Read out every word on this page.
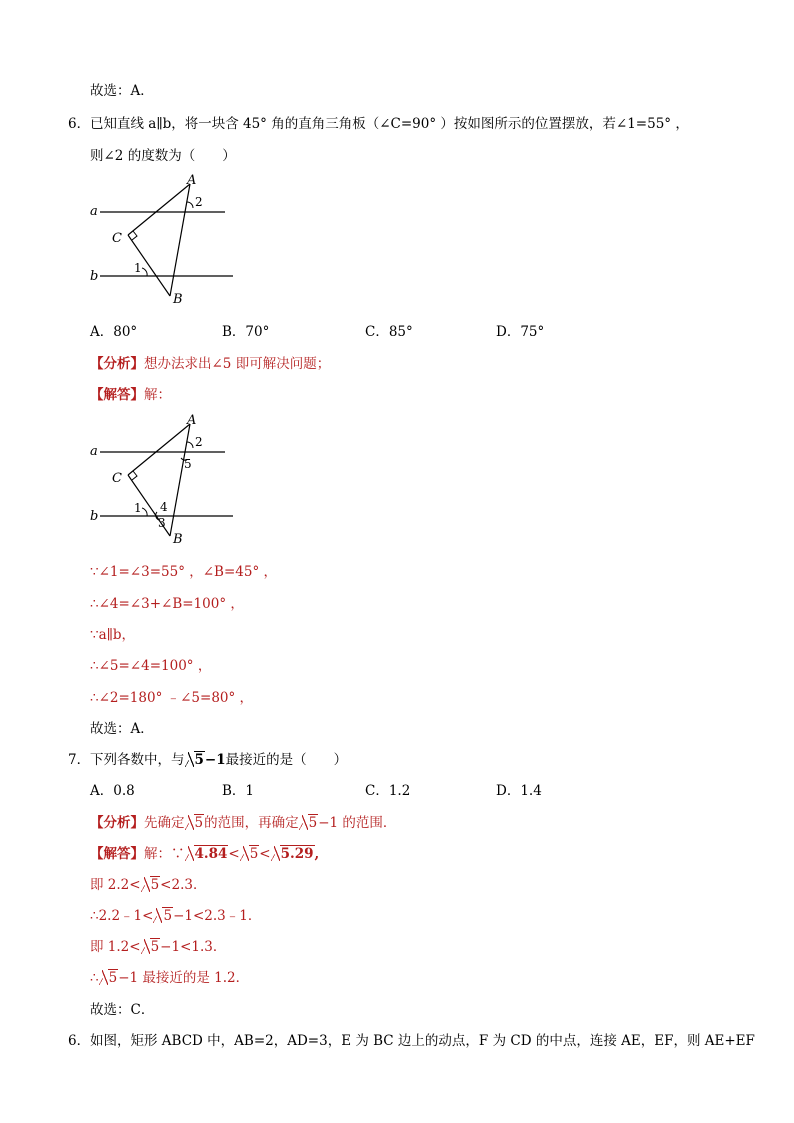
故选：A．
6． 已知直线 a∥b，将一块含 45° 角的直角三角板（∠C=90° ）按如图所示的位置摆放，若∠1=55° ，
则∠2 的度数为（　　）
A
C
B
a
b
1
2
A．80°	B．70°	C．85°	D．75°
【分析】想办法求出∠5 即可解决问题；
【解答】解：
A
C
B
a
b
1
2
3
4
5
∵∠1=∠3=55° ，∠B=45° ，
∴∠4=∠3+∠B=100° ，
∵a∥b，
∴∠5=∠4=100° ，
∴∠2=180° ﹣∠5=80° ，
故选：A．
7． 下列各数中，与 5−1最接近的是（　　）
A．0.8	B．1	C．1.2	D．1.4
【分析】先确定 5的范围，再确定 5−1 的范围．
【解答】解：∵ 4.84< 5< 5.29,
即 2.2< 5<2.3．
∴2.2﹣1< 5−1<2.3﹣1．
即 1.2< 5−1<1.3．
∴ 5−1 最接近的是 1.2．
故选：C．
6． 如图，矩形 ABCD 中，AB=2，AD=3，E 为 BC 边上的动点，F 为 CD 的中点，连接 AE，EF，则 AE+EF
